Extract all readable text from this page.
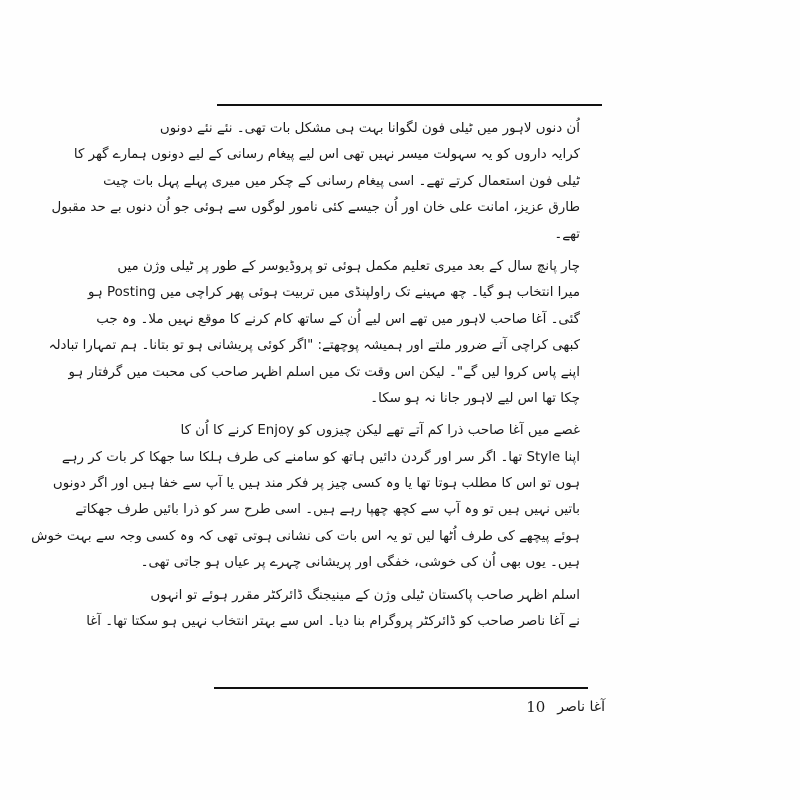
اُن دنوں لاہور میں ٹیلی فون لگوانا بہت ہی مشکل بات تھی۔ نئے نئے دونوں
کرایہ داروں کو یہ سہولت میسر نہیں تھی اس لیے پیغام رسانی کے لیے دونوں ہمارے گھر کا
ٹیلی فون استعمال کرتے تھے۔ اسی پیغام رسانی کے چکر میں میری پہلے پہل بات چیت
طارق عزیز، امانت علی خان اور اُن جیسے کئی نامور لوگوں سے ہوئی جو اُن دنوں بے حد مقبول
تھے۔
چار پانچ سال کے بعد میری تعلیم مکمل ہوئی تو پروڈیوسر کے طور پر ٹیلی وژن میں
میرا انتخاب ہو گیا۔ چھ مہینے تک راولپنڈی میں تربیت ہوئی پھر کراچی میں Posting ہو
گئی۔ آغا صاحب لاہور میں تھے اس لیے اُن کے ساتھ کام کرنے کا موقع نہیں ملا۔ وہ جب
کبھی کراچی آتے ضرور ملتے اور ہمیشہ پوچھتے: "اگر کوئی پریشانی ہو تو بتانا۔ ہم تمہارا تبادلہ
اپنے پاس کروا لیں گے"۔ لیکن اس وقت تک میں اسلم اظہر صاحب کی محبت میں گرفتار ہو
چکا تھا اس لیے لاہور جانا نہ ہو سکا۔
غصے میں آغا صاحب ذرا کم آتے تھے لیکن چیزوں کو Enjoy کرنے کا اُن کا
اپنا Style تھا۔ اگر سر اور گردن دائیں ہاتھ کو سامنے کی طرف ہلکا سا جھکا کر بات کر رہے
ہوں تو اس کا مطلب ہوتا تھا یا وہ کسی چیز پر فکر مند ہیں یا آپ سے خفا ہیں اور اگر دونوں
باتیں نہیں ہیں تو وہ آپ سے کچھ چھپا رہے ہیں۔ اسی طرح سر کو ذرا بائیں طرف جھکاتے
ہوئے پیچھے کی طرف اُٹھا لیں تو یہ اس بات کی نشانی ہوتی تھی کہ وہ کسی وجہ سے بہت خوش
ہیں۔ یوں بھی اُن کی خوشی، خفگی اور پریشانی چہرے پر عیاں ہو جاتی تھی۔
اسلم اظہر صاحب پاکستان ٹیلی وژن کے مینیجنگ ڈائرکٹر مقرر ہوئے تو انہوں
نے آغا ناصر صاحب کو ڈائرکٹر پروگرام بنا دیا۔ اس سے بہتر انتخاب نہیں ہو سکتا تھا۔ آغا
10 آغا ناصر
